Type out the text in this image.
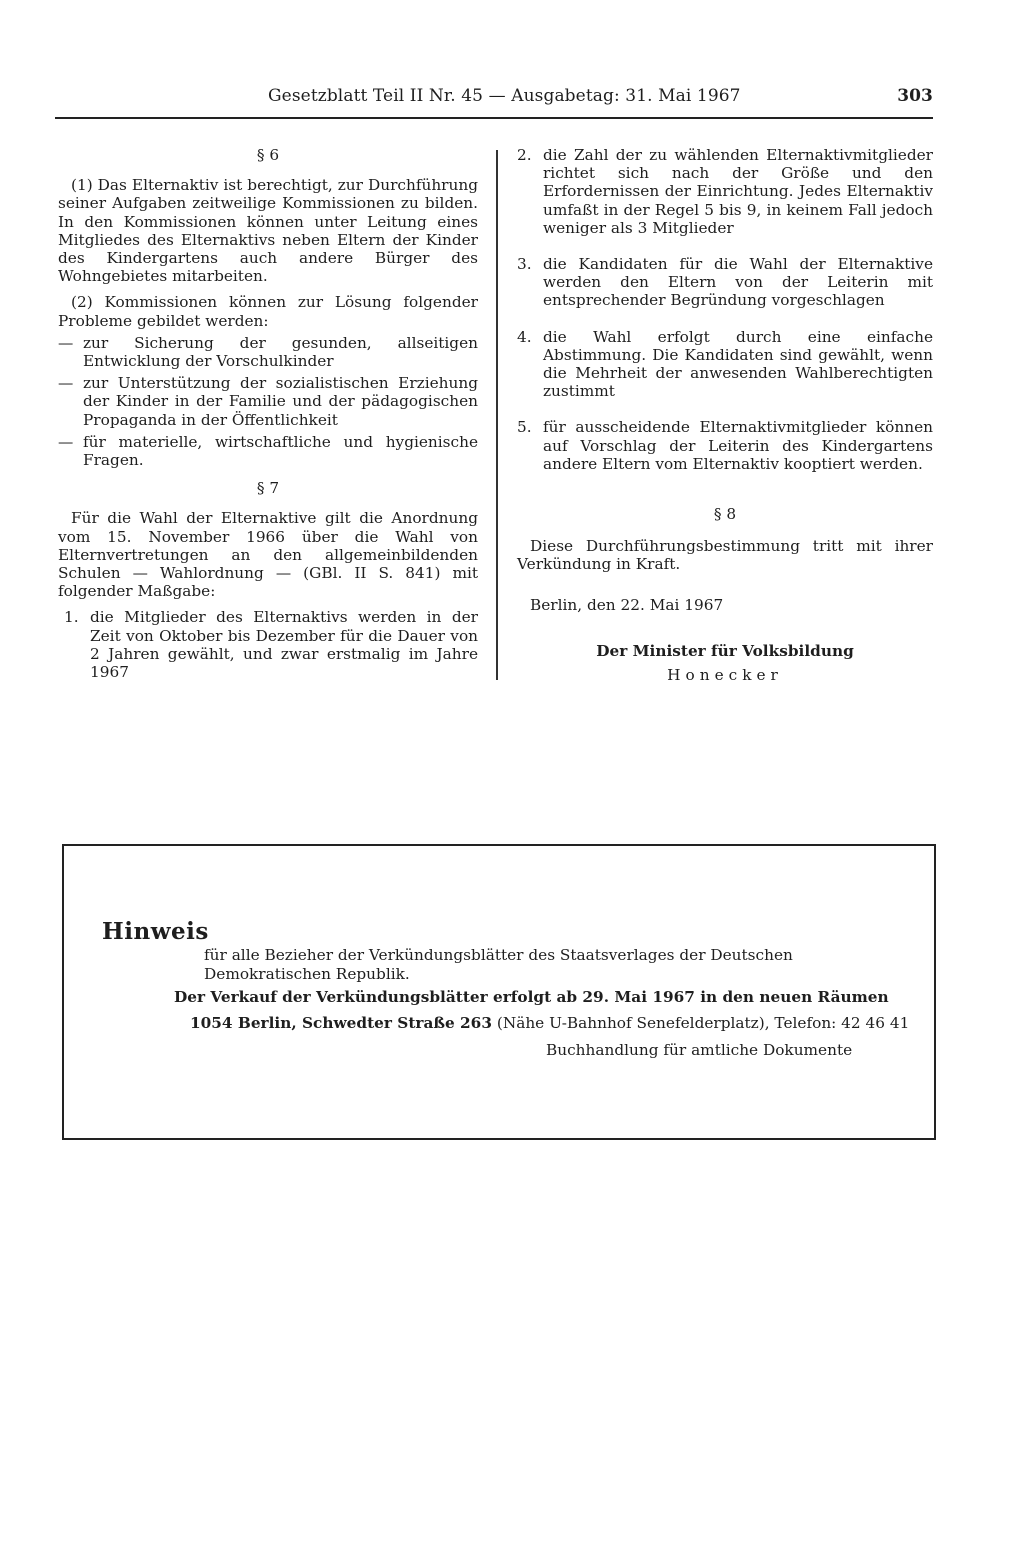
Gesetzblatt Teil II Nr. 45 — Ausgabetag: 31. Mai 1967	303
§ 6

(1) Das Elternaktiv ist berechtigt, zur Durchführung seiner Aufgaben zeitweilige Kommissionen zu bilden. In den Kommissionen können unter Leitung eines Mitgliedes des Elternaktivs neben Eltern der Kinder des Kindergartens auch andere Bürger des Wohngebietes mitarbeiten.

(2) Kommissionen können zur Lösung folgender Probleme gebildet werden:

— zur Sicherung der gesunden, allseitigen Entwicklung der Vorschulkinder
— zur Unterstützung der sozialistischen Erziehung der Kinder in der Familie und der pädagogischen Propaganda in der Öffentlichkeit
— für materielle, wirtschaftliche und hygienische Fragen.
§ 7

Für die Wahl der Elternaktive gilt die Anordnung vom 15. November 1966 über die Wahl von Elternvertretungen an den allgemeinbildenden Schulen — Wahlordnung — (GBl. II S. 841) mit folgender Maßgabe:

1. die Mitglieder des Elternaktivs werden in der Zeit von Oktober bis Dezember für die Dauer von 2 Jahren gewählt, und zwar erstmalig im Jahre 1967
2. die Zahl der zu wählenden Elternaktivmitglieder richtet sich nach der Größe und den Erfordernissen der Einrichtung. Jedes Elternaktiv umfaßt in der Regel 5 bis 9, in keinem Fall jedoch weniger als 3 Mitglieder
3. die Kandidaten für die Wahl der Elternaktive werden den Eltern von der Leiterin mit entsprechender Begründung vorgeschlagen
4. die Wahl erfolgt durch eine einfache Abstimmung. Die Kandidaten sind gewählt, wenn die Mehrheit der anwesenden Wahlberechtigten zustimmt
5. für ausscheidende Elternaktivmitglieder können auf Vorschlag der Leiterin des Kindergartens andere Eltern vom Elternaktiv kooptiert werden.
§ 8

Diese Durchführungsbestimmung tritt mit ihrer Verkündung in Kraft.

Berlin, den 22. Mai 1967

Der Minister für Volksbildung
Honecker
Hinweis
für alle Bezieher der Verkündungsblätter des Staatsverlages der Deutschen Demokratischen Republik.
Der Verkauf der Verkündungsblätter erfolgt ab 29. Mai 1967 in den neuen Räumen
1054 Berlin, Schwedter Straße 263 (Nähe U-Bahnhof Senefelderplatz), Telefon: 42 46 41
Buchhandlung für amtliche Dokumente
